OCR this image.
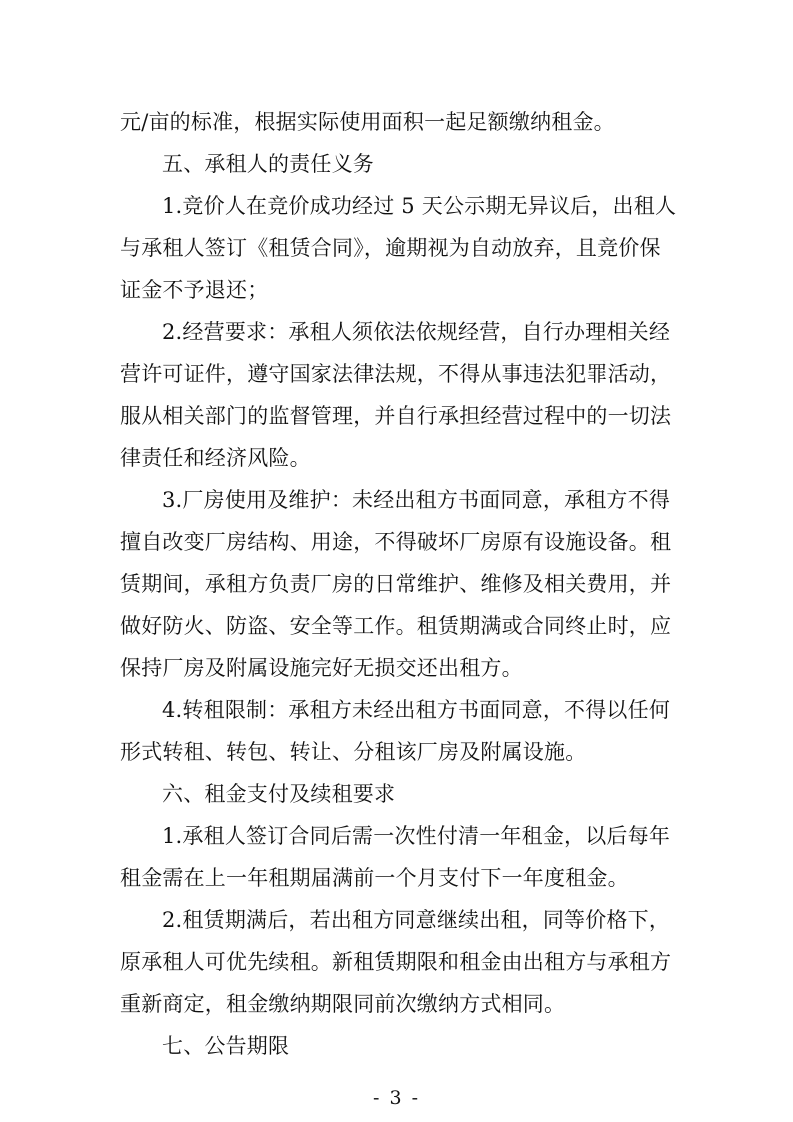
元/亩的标准，根据实际使用面积一起足额缴纳租金。
五、承租人的责任义务
1.竞价人在竞价成功经过 5 天公示期无异议后，出租人
与承租人签订《租赁合同》，逾期视为自动放弃，且竞价保
证金不予退还；
2.经营要求：承租人须依法依规经营，自行办理相关经
营许可证件，遵守国家法律法规，不得从事违法犯罪活动，
服从相关部门的监督管理，并自行承担经营过程中的一切法
律责任和经济风险。
3.厂房使用及维护：未经出租方书面同意，承租方不得
擅自改变厂房结构、用途，不得破坏厂房原有设施设备。租
赁期间，承租方负责厂房的日常维护、维修及相关费用，并
做好防火、防盗、安全等工作。租赁期满或合同终止时，应
保持厂房及附属设施完好无损交还出租方。
4.转租限制：承租方未经出租方书面同意，不得以任何
形式转租、转包、转让、分租该厂房及附属设施。
六、租金支付及续租要求
1.承租人签订合同后需一次性付清一年租金，以后每年
租金需在上一年租期届满前一个月支付下一年度租金。
2.租赁期满后，若出租方同意继续出租，同等价格下，
原承租人可优先续租。新租赁期限和租金由出租方与承租方
重新商定，租金缴纳期限同前次缴纳方式相同。
七、公告期限
- 3 -
